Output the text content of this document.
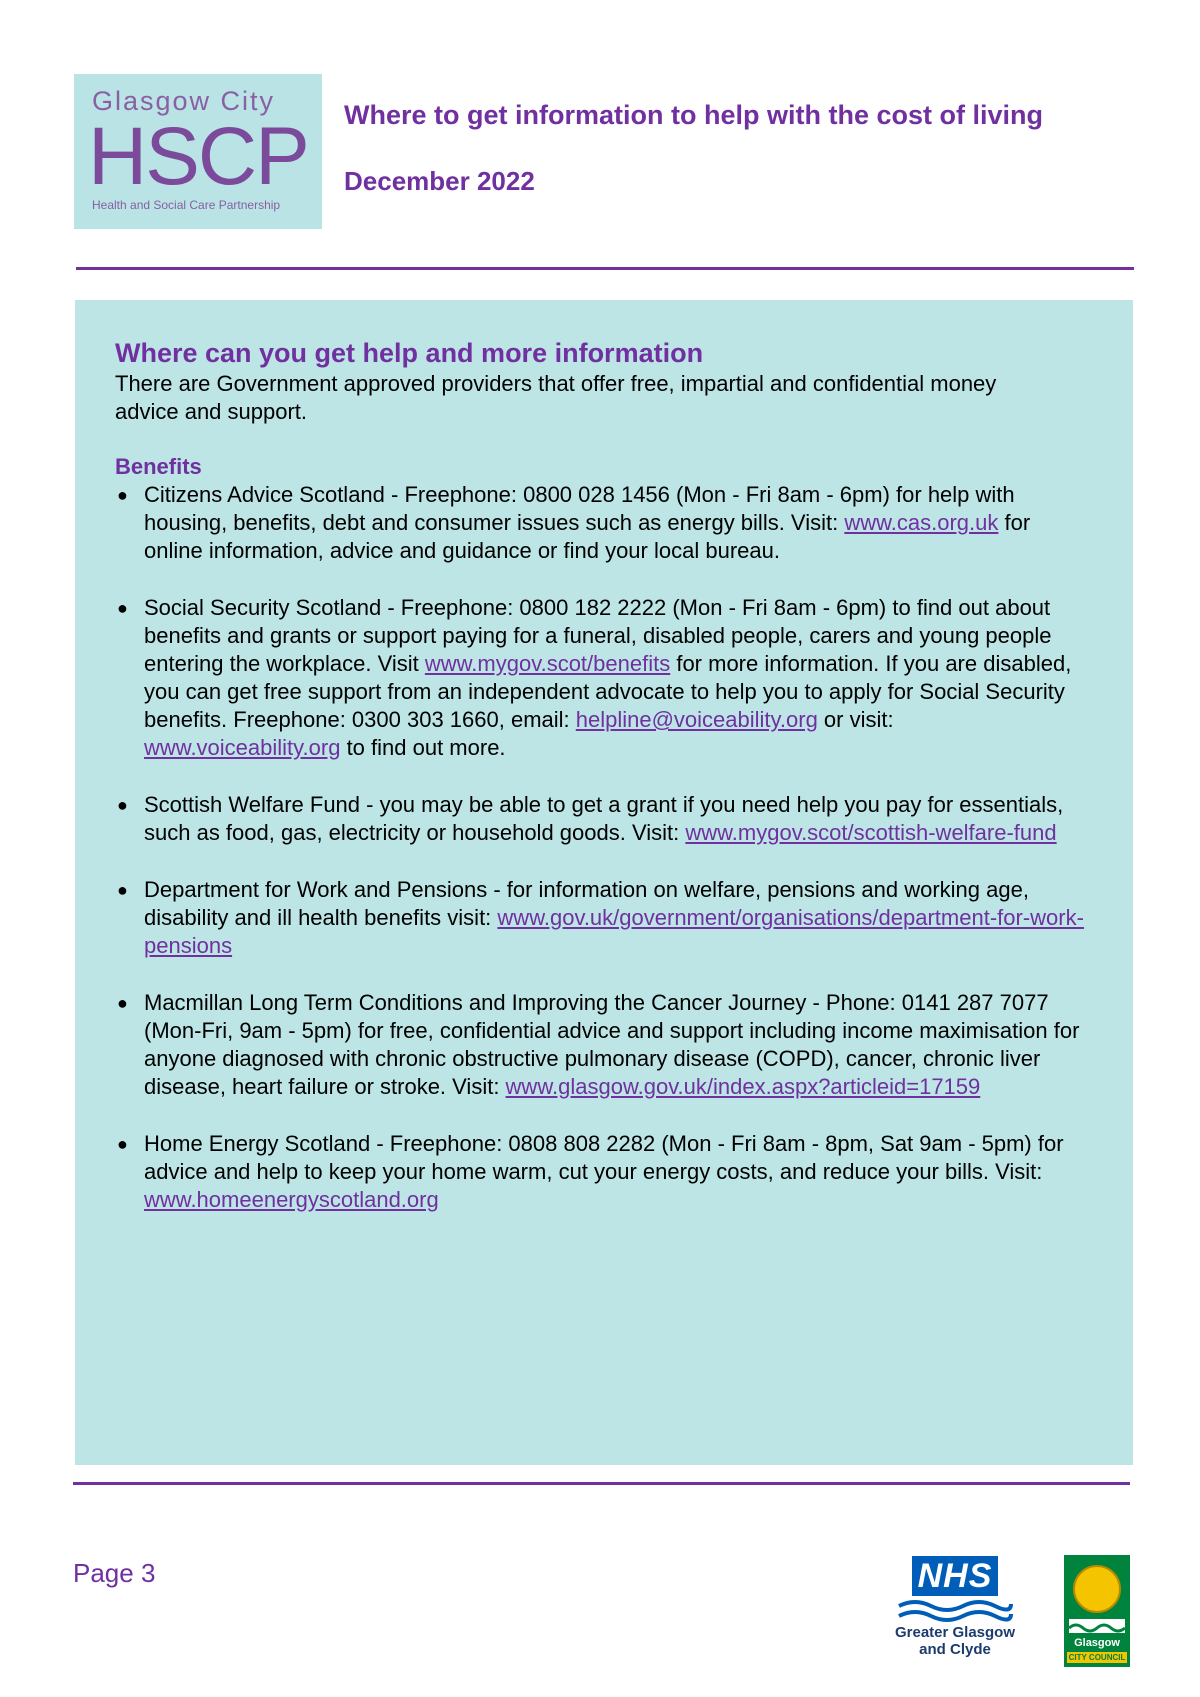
Glasgow City
HSCP
Health and Social Care Partnership
Where to get information to help with the cost of living
December 2022
Where can you get help and more information

There are Government approved providers that offer free, impartial and confidential money advice and support.

Benefits
● Citizens Advice Scotland - Freephone: 0800 028 1456 (Mon - Fri 8am - 6pm) for help with housing, benefits, debt and consumer issues such as energy bills. Visit: www.cas.org.uk for online information, advice and guidance or find your local bureau.
● Social Security Scotland - Freephone: 0800 182 2222 (Mon - Fri 8am - 6pm) to find out about benefits and grants or support paying for a funeral, disabled people, carers and young people entering the workplace. Visit www.mygov.scot/benefits for more information. If you are disabled, you can get free support from an independent advocate to help you to apply for Social Security benefits. Freephone: 0300 303 1660, email: helpline@voiceability.org or visit: www.voiceability.org to find out more.
● Scottish Welfare Fund - you may be able to get a grant if you need help you pay for essentials, such as food, gas, electricity or household goods. Visit: www.mygov.scot/scottish-welfare-fund
● Department for Work and Pensions - for information on welfare, pensions and working age, disability and ill health benefits visit: www.gov.uk/government/organisations/department-for-work-pensions
● Macmillan Long Term Conditions and Improving the Cancer Journey - Phone: 0141 287 7077 (Mon-Fri, 9am - 5pm) for free, confidential advice and support including income maximisation for anyone diagnosed with chronic obstructive pulmonary disease (COPD), cancer, chronic liver disease, heart failure or stroke. Visit: www.glasgow.gov.uk/index.aspx?articleid=17159
● Home Energy Scotland - Freephone: 0808 808 2282 (Mon - Fri 8am - 8pm, Sat 9am - 5pm) for advice and help to keep your home warm, cut your energy costs, and reduce your bills. Visit: www.homeenergyscotland.org
Page 3	NHS
Greater Glasgow
and Clyde	Glasgow
CITY COUNCIL
